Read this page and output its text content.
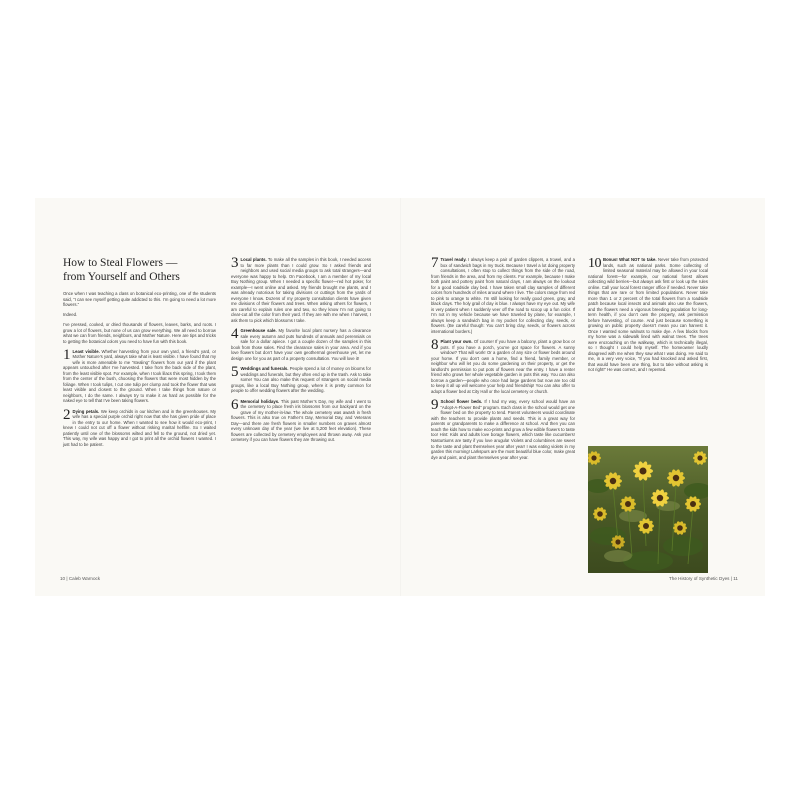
How to Steal Flowers —
from Yourself and Others

Once when I was teaching a class on botanical eco-printing, one of the students said, “I can see myself getting quite addicted to this. I’m going to need a lot more flowers.”

Indeed.

I’ve pressed, cooked, or dried thousands of flowers, leaves, barks, and roots. I grow a lot of flowers, but none of us can grow everything. We all need to borrow what we can from friends, neighbors, and Mother Nature. Here are tips and tricks to getting the botanical colors you need to have fun with this book.

1 Least visible. Whether harvesting from your own yard, a friend’s yard, or Mother Nature’s yard, always take what is least visible. I have found that my wife is more amenable to me “stealing” flowers from our yard if the plant appears untouched after I’ve harvested. I take from the back side of the plant, from the least visible spot. For example, when I took lilacs this spring, I took them from the center of the bush, choosing the flowers that were most hidden by the foliage. When I took tulips, I cut one tulip per clump and took the flower that was least visible and closest to the ground. When I take things from nature or neighbors, I do the same. I always try to make it as hard as possible for the naked eye to tell that I’ve been taking flowers.
2 Dying petals. We keep orchids in our kitchen and in the greenhouses. My wife has a special purple orchid right now that she has given pride of place in the entry to our home. When I wanted to see how it would eco-print, I knew I could not cut off a flower without risking marital hellfire. So I waited patiently until one of the blossoms wilted and fell to the ground, not dried yet. This way, my wife was happy and I got to print all the orchid flowers I wanted. I just had to be patient.
3 Local plants. To make all the samples in this book, I needed access to far more plants than I could grow. So I asked friends and neighbors and used social media groups to ask total strangers—and everyone was happy to help. On Facebook, I am a member of my local Buy Nothing group. When I needed a specific flower—red hot poker, for example—I went online and asked. My friends brought me plants, and I was already notorious for taking divisions or cuttings from the yards of everyone I know. Dozens of my property consultation clients have given me divisions of their flowers and trees. When asking others for flowers, I am careful to explain rules one and two, so they know I’m not going to clear-cut all the color from their yard. If they are with me when I harvest, I ask them to pick which blossoms I take.
4 Greenhouse sale. My favorite local plant nursery has a clearance sale every autumn and puts hundreds of annuals and perennials on sale for a dollar apiece. I got a couple dozen of the samples in this book from those sales. Find the clearance sales in your area. And if you love flowers but don’t have your own geothermal greenhouse yet, let me design one for you as part of a property consultation. You will love it!
5 Weddings and funerals. People spend a lot of money on blooms for weddings and funerals, but they often end up in the trash. Ask to take some! You can also make this request of strangers on social media groups, like a local Buy Nothing group, where it is pretty common for people to offer wedding flowers after the wedding.
6 Memorial holidays. This past Mother’s Day, my wife and I went to the cemetery to place fresh iris blossoms from our backyard on the grave of my mother-in-law. The whole cemetery was awash in fresh flowers. This is also true on Father’s Day, Memorial Day, and Veterans Day—and there are fresh flowers in smaller numbers on graves almost every unknown day of the year (we live at 5,200 feet elevation). These flowers are collected by cemetery employees and thrown away. Ask your cemetery if you can have flowers they are throwing out.
7 Travel ready. I always keep a pair of garden clippers, a trowel, and a box of sandwich bags in my truck. Because I travel a lot doing property consultations, I often stop to collect things from the side of the road, from friends in the area, and from my clients. For example, because I make both paint and pottery paint from natural clays, I am always on the lookout for a good roadside clay bed. I have taken small clay samples of different colors from hundreds of miles around where I live. The colors range from red to pink to orange to white. I’m still looking for really good green, gray, and black clays. The holy grail of clay is blue. I always have my eye out. My wife is very patient when I suddenly veer off the road to scoop up a fun color. If I’m not in my vehicle because we have traveled by plane, for example, I always keep a sandwich bag in my pocket for collecting clay, seeds, or flowers. (Be careful though: You can’t bring clay, seeds, or flowers across international borders.)
8 Plant your own. Of course! If you have a balcony, plant a grow box or pots. If you have a porch, you’ve got space for flowers. A sunny window? That will work! Or a garden of any size or flower beds around your home. If you don’t own a home, find a friend, family member, or neighbor who will let you do some gardening on their property, or get the landlord’s permission to put pots of flowers near the entry. I have a renter friend who grows her whole vegetable garden in pots this way. You can also borrow a garden—people who once had large gardens but now are too old to keep it all up will welcome your help and friendship! You can also offer to adopt a flower bed at City Hall or the local cemetery or church.
9 School flower beds. If I had my way, every school would have an “Adopt-A-Flower Bed” program. Each class in the school would get one flower bed on the property to tend. Parent volunteers would coordinate with the teachers to provide plants and seeds. This is a great way for parents or grandparents to make a difference at school. And then you can teach the kids how to make eco-prints and grow a few edible flowers to taste too! Hint: Kids and adults love borage flowers, which taste like cucumbers! Nasturtiums are tasty if you love arugula! Violets and columbines are sweet to the taste and plant themselves year after year! I was eating violets in my garden this morning! Larkspurs are the most beautiful blue color, make great dye and paint, and plant themselves year after year.
10 Bonus! What NOT to take. Never take from protected lands, such as national parks. Some collecting of limited seasonal material may be allowed in your local national forest—for example, our national forest allows collecting wild berries—but always ask first or look up the rules online. Call your local forest ranger office if needed. Never take things that are rare or from limited populations. Never take more than 1 or 2 percent of the total flowers from a roadside patch because local insects and animals also use the flowers, and the flowers need a vigorous breeding population for long-term health, if you don’t own the property, ask permission before harvesting, of course. And just because something is growing on public property doesn’t mean you can harvest it. Once I wanted some walnuts to make dye. A few blocks from my home was a sidewalk lined with walnut trees. The trees were encroaching on the walkway, which is technically illegal, so I thought I could help myself. The homeowner loudly disagreed with me when they saw what I was doing. He said to me, in a very very voice, “If you had knocked and asked first, that would have been one thing, but to take without asking is not right!” He was correct, and I repented.
10 | Caleb Warnock	The History of Synthetic Dyes | 11
